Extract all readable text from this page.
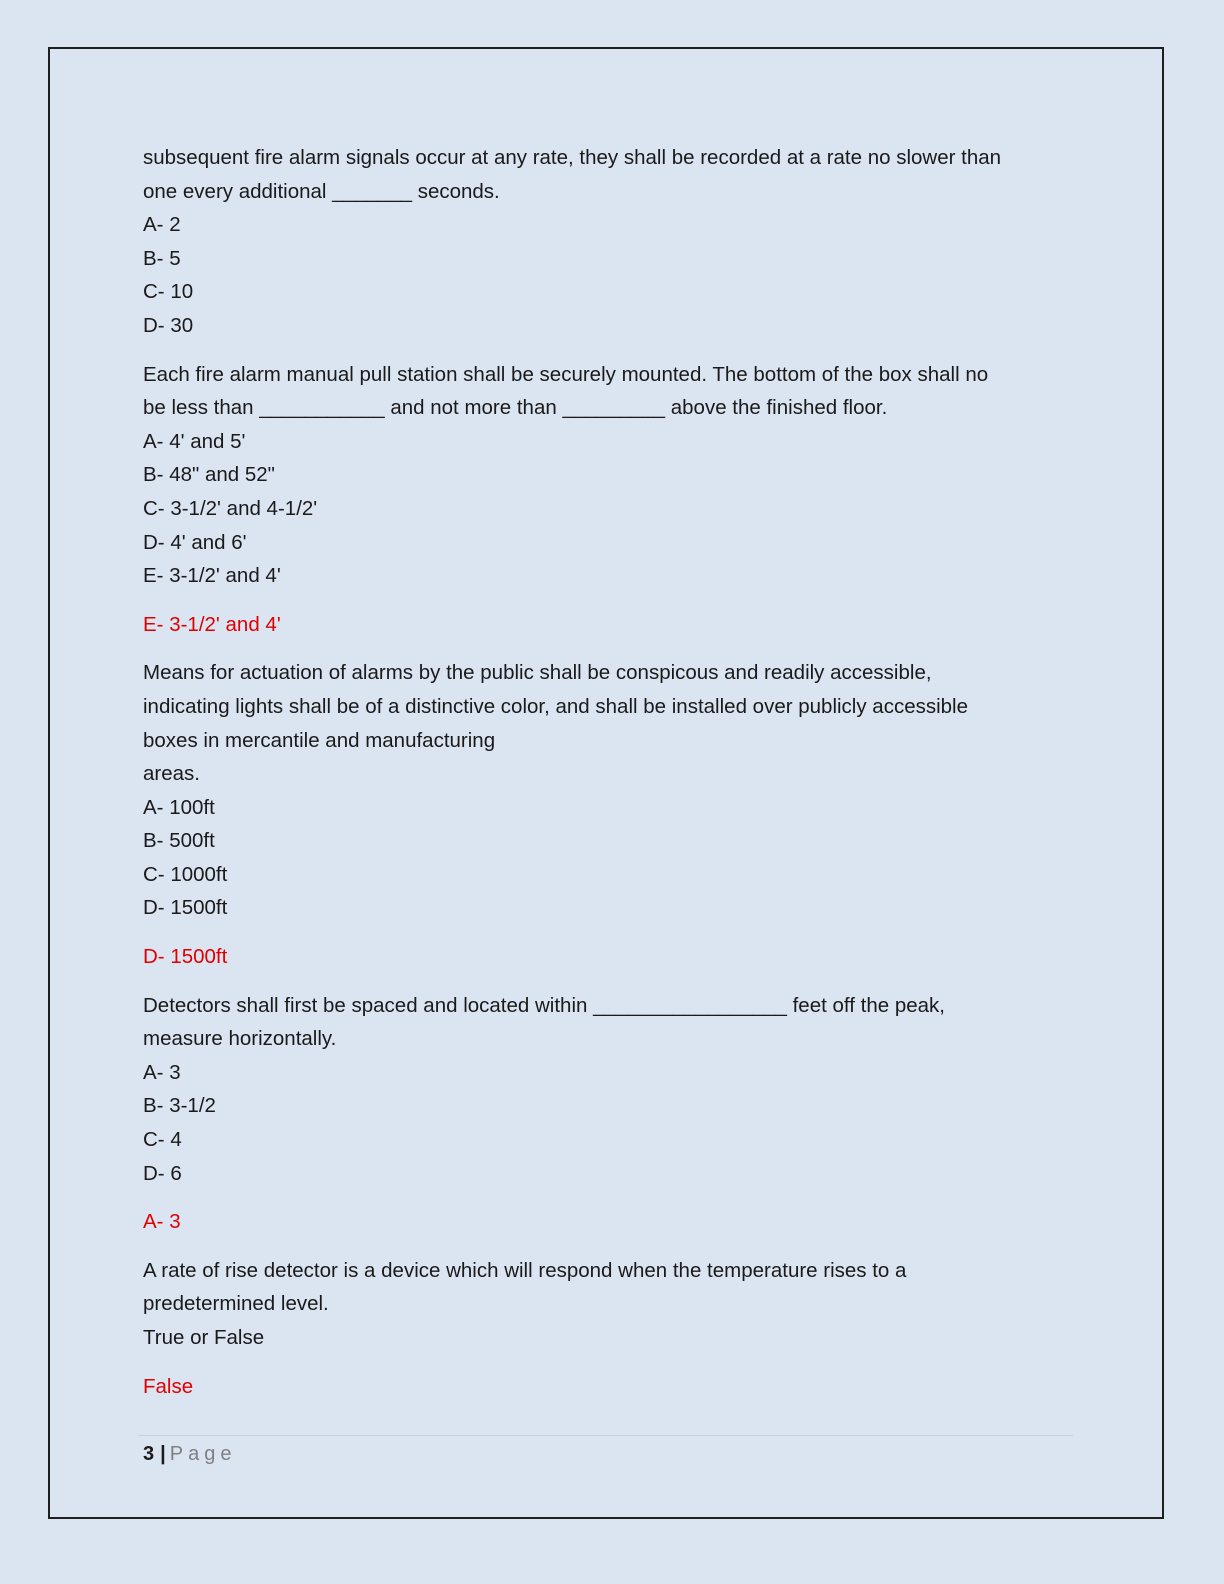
subsequent fire alarm signals occur at any rate, they shall be recorded at a rate no slower than
one every additional _______ seconds.
A- 2
B- 5
C- 10
D- 30
Each fire alarm manual pull station shall be securely mounted. The bottom of the box shall no
be less than ___________ and not more than _________ above the finished floor.
A- 4' and 5'
B- 48" and 52"
C- 3-1/2' and 4-1/2'
D- 4' and 6'
E- 3-1/2' and 4'
E- 3-1/2' and 4'
Means for actuation of alarms by the public shall be conspicous and readily accessible,
indicating lights shall be of a distinctive color, and shall be installed over publicly accessible
boxes in mercantile and manufacturing
areas.
A- 100ft
B- 500ft
C- 1000ft
D- 1500ft
D- 1500ft
Detectors shall first be spaced and located within _________________ feet off the peak,
measure horizontally.
A- 3
B- 3-1/2
C- 4
D- 6
A- 3
A rate of rise detector is a device which will respond when the temperature rises to a
predetermined level.
True or False
False
3 | Page
